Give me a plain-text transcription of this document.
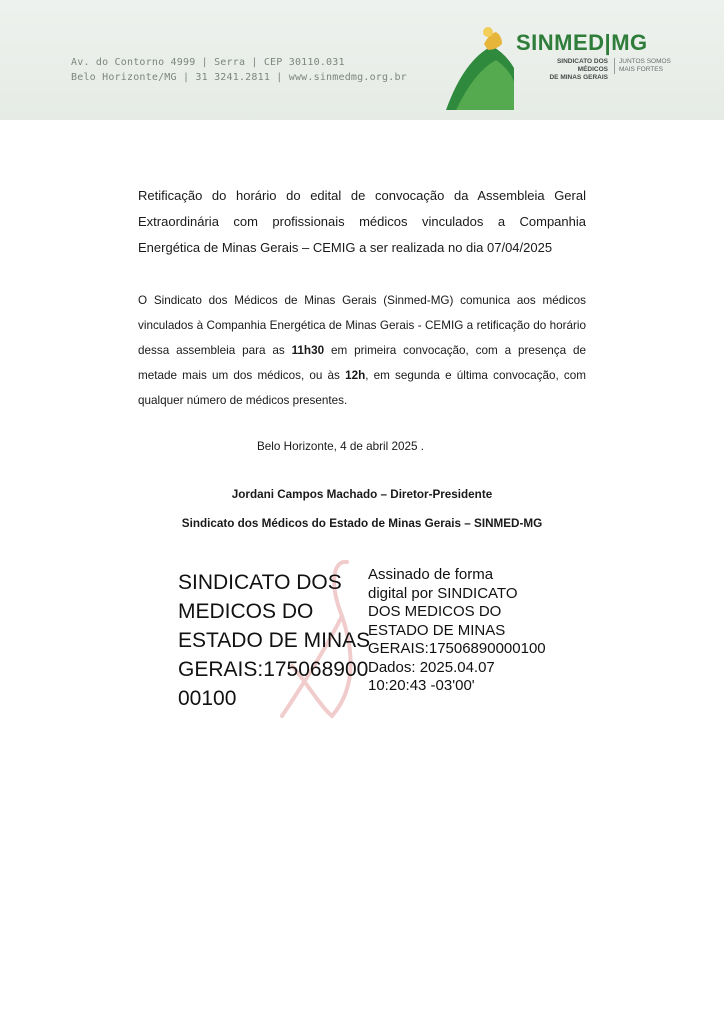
Av. do Contorno 4999 | Serra | CEP 30110.031
Belo Horizonte/MG | 31 3241.2811 | www.sinmedmg.org.br
SINMED|MG
SINDICATO DOS MÉDICOS
DE MINAS GERAIS
JUNTOS SOMOS
MAIS FORTES
Retificação do horário do edital de convocação da Assembleia Geral Extraordinária com profissionais médicos vinculados a Companhia Energética de Minas Gerais – CEMIG a ser realizada no dia 07/04/2025
O Sindicato dos Médicos de Minas Gerais (Sinmed-MG) comunica aos médicos vinculados à Companhia Energética de Minas Gerais - CEMIG a retificação do horário dessa assembleia para as 11h30 em primeira convocação, com a presença de metade mais um dos médicos, ou às 12h, em segunda e última convocação, com qualquer número de médicos presentes.
Belo Horizonte, 4 de abril 2025 .
Jordani Campos Machado – Diretor-Presidente
Sindicato dos Médicos do Estado de Minas Gerais – SINMED-MG
SINDICATO DOS
MEDICOS DO
ESTADO DE MINAS
GERAIS:175068900
00100
Assinado de forma
digital por SINDICATO
DOS MEDICOS DO
ESTADO DE MINAS
GERAIS:17506890000100
Dados: 2025.04.07
10:20:43 -03'00'
